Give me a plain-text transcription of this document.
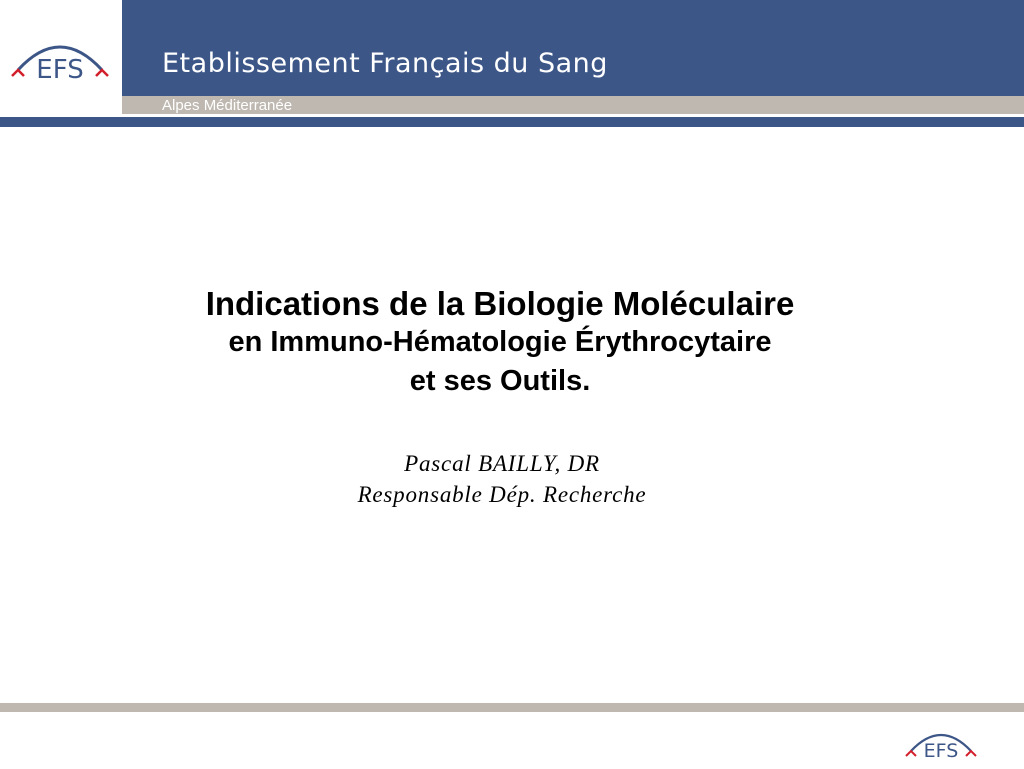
Etablissement Français du Sang
Alpes Méditerranée
EFS
Indications de la Biologie Moléculaire
en Immuno-Hématologie Érythrocytaire
et ses Outils.
Pascal BAILLY, DR
Responsable Dép. Recherche
EFS
